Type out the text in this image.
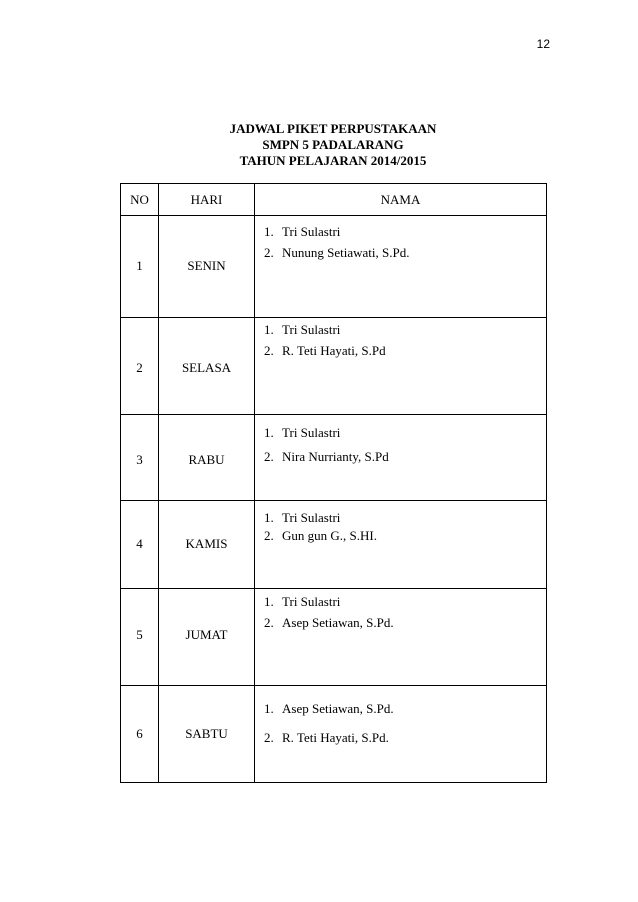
12
JADWAL PIKET PERPUSTAKAAN
SMPN 5 PADALARANG
TAHUN PELAJARAN 2014/2015
NO	HARI	NAMA

1	SENIN	1. Tri Sulastri
2. Nunung Setiawati, S.Pd.

2	SELASA	1. Tri Sulastri
2. R. Teti Hayati, S.Pd

3	RABU	1. Tri Sulastri
2. Nira Nurrianty, S.Pd

4	KAMIS	1. Tri Sulastri
2. Gun gun G., S.HI.

5	JUMAT	1. Tri Sulastri
2. Asep Setiawan, S.Pd.

6	SABTU	1. Asep Setiawan, S.Pd.
2. R. Teti Hayati, S.Pd.
